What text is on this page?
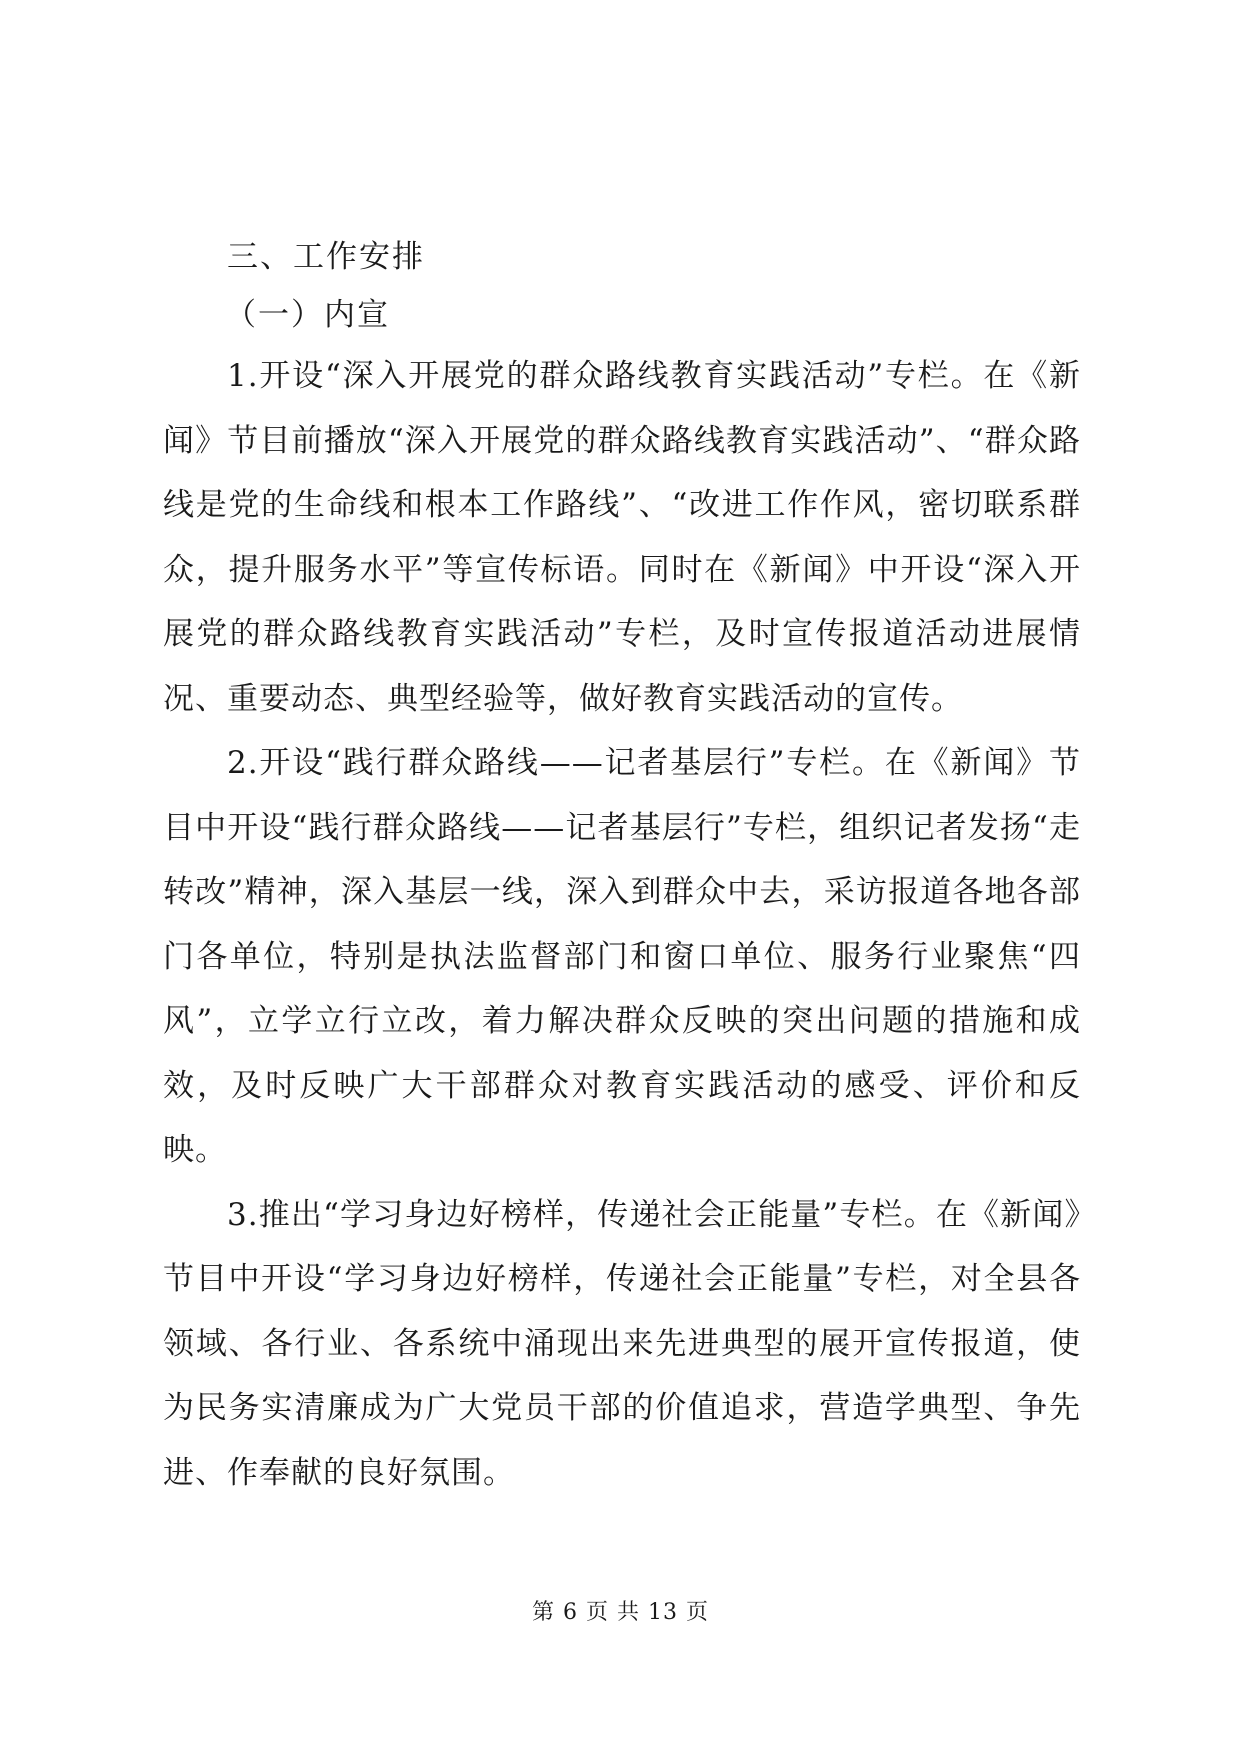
三、工作安排

（一）内宣

1.开设“深入开展党的群众路线教育实践活动”专栏。在《新闻》节目前播放“深入开展党的群众路线教育实践活动”、“群众路线是党的生命线和根本工作路线”、“改进工作作风，密切联系群众，提升服务水平”等宣传标语。同时在《新闻》中开设“深入开展党的群众路线教育实践活动”专栏，及时宣传报道活动进展情况、重要动态、典型经验等，做好教育实践活动的宣传。

2.开设“践行群众路线——记者基层行”专栏。在《新闻》节目中开设“践行群众路线——记者基层行”专栏，组织记者发扬“走转改”精神，深入基层一线，深入到群众中去，采访报道各地各部门各单位，特别是执法监督部门和窗口单位、服务行业聚焦“四风”，立学立行立改，着力解决群众反映的突出问题的措施和成效，及时反映广大干部群众对教育实践活动的感受、评价和反映。

3.推出“学习身边好榜样，传递社会正能量”专栏。在《新闻》节目中开设“学习身边好榜样，传递社会正能量”专栏，对全县各领域、各行业、各系统中涌现出来先进典型的展开宣传报道，使为民务实清廉成为广大党员干部的价值追求，营造学典型、争先进、作奉献的良好氛围。

第 6 页 共 13 页
